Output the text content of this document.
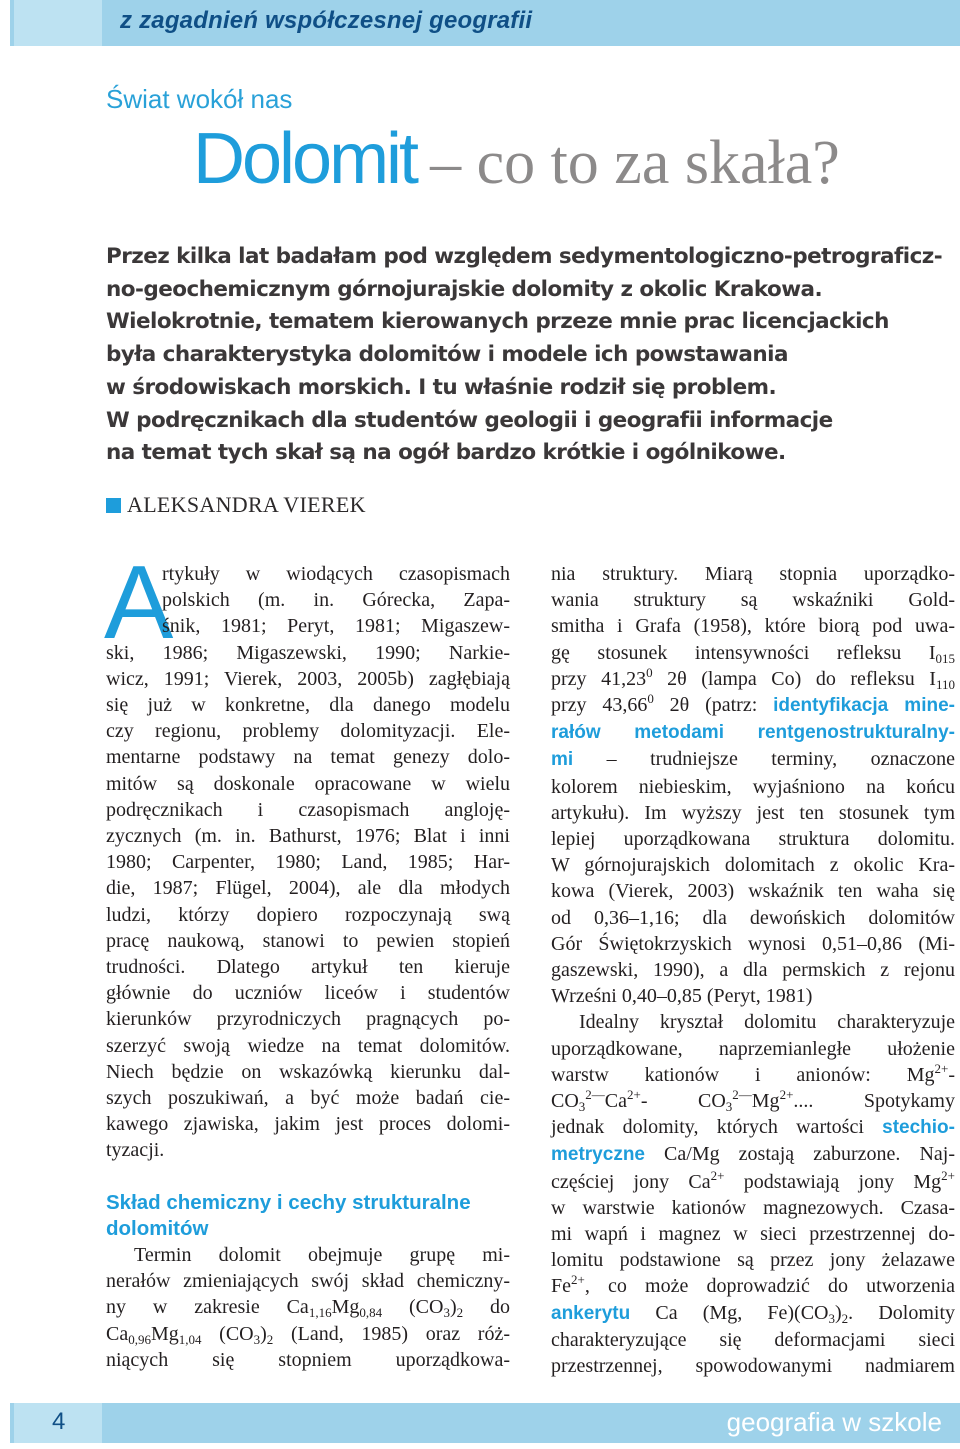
z zagadnień współczesnej geografii
Świat wokół nas
Dolomit – co to za skała?
Przez kilka lat badałam pod względem sedymentologiczno-petrograficz-
no-geochemicznym górnojurajskie dolomity z okolic Krakowa.
Wielokrotnie, tematem kierowanych przeze mnie prac licencjackich
była charakterystyka dolomitów i modele ich powstawania
w środowiskach morskich. I tu właśnie rodził się problem.
W podręcznikach dla studentów geologii i geografii informacje
na temat tych skał są na ogół bardzo krótkie i ogólnikowe.
ALEKSANDRA VIEREK
A
rtykuły w wiodących czasopismach
polskich (m. in. Górecka, Zapa-
śnik, 1981; Peryt, 1981; Migaszew-
ski, 1986; Migaszewski, 1990; Narkie-
wicz, 1991; Vierek, 2003, 2005b) zagłębiają
się już w konkretne, dla danego modelu
czy regionu, problemy dolomityzacji. Ele-
mentarne podstawy na temat genezy dolo-
mitów są doskonale opracowane w wielu
podręcznikach i czasopismach angloję-
zycznych (m. in. Bathurst, 1976; Blat i inni
1980; Carpenter, 1980; Land, 1985; Har-
die, 1987; Flügel, 2004), ale dla młodych
ludzi, którzy dopiero rozpoczynają swą
pracę naukową, stanowi to pewien stopień
trudności. Dlatego artykuł ten kieruje
głównie do uczniów liceów i studentów
kierunków przyrodniczych pragnących po-
szerzyć swoją wiedze na temat dolomitów.
Niech będzie on wskazówką kierunku dal-
szych poszukiwań, a być może badań cie-
kawego zjawiska, jakim jest proces dolomi-
tyzacji.
Skład chemiczny i cechy strukturalne
dolomitów
Termin dolomit obejmuje grupę mi-
nerałów zmieniających swój skład chemiczny-
ny w zakresie $Ca_{1,16}Mg_{0,84}$ $(CO_3)_2$ do
$Ca_{0,96}Mg_{1,04}$ $(CO_3)_2$ (Land, 1985) oraz róż-
niących się stopniem uporządkowa-
nia struktury. Miarą stopnia uporządko-
wania struktury są wskaźniki Gold-
smitha i Grafa (1958), które biorą pod uwa-
gę stosunek intensywności refleksu $I_{015}$
przy 41,23$^0$ 2θ (lampa Co) do refleksu $I_{110}$
przy 43,66$^0$ 2θ (patrz: identyfikacja mine-
rałów metodami rentgenostrukturalny-
mi – trudniejsze terminy, oznaczone
kolorem niebieskim, wyjaśniono na końcu
artykułu). Im wyższy jest ten stosunek tym
lepiej uporządkowana struktura dolomitu.
W górnojurajskich dolomitach z okolic Kra-
kowa (Vierek, 2003) wskaźnik ten waha się
od 0,36–1,16; dla dewońskich dolomitów
Gór Świętokrzyskich wynosi 0,51–0,86 (Mi-
gaszewski, 1990), a dla permskich z rejonu
Wrześni 0,40–0,85 (Peryt, 1981)
Idealny kryształ dolomitu charakteryzuje
uporządkowane, naprzemianległe ułożenie
warstw kationów i anionów: $Mg^{2+}-$
$CO_3^{2—}Ca^{2+}-$ $CO_3^{2—}Mg^{2+}$.... Spotykamy
jednak dolomity, których wartości stechio-
metryczne Ca/Mg zostają zaburzone. Naj-
częściej jony $Ca^{2+}$ podstawiają jony $Mg^{2+}$
w warstwie kationów magnezowych. Czasa-
mi wapń i magnez w sieci przestrzennej do-
lomitu podstawione są przez jony żelazawe
$Fe^{2+}$, co może doprowadzić do utworzenia
ankerytu Ca (Mg, $Fe)(CO_3)_2$. Dolomity
charakteryzujące się deformacjami sieci
przestrzennej, spowodowanymi nadmiarem
4	geografia w szkole
